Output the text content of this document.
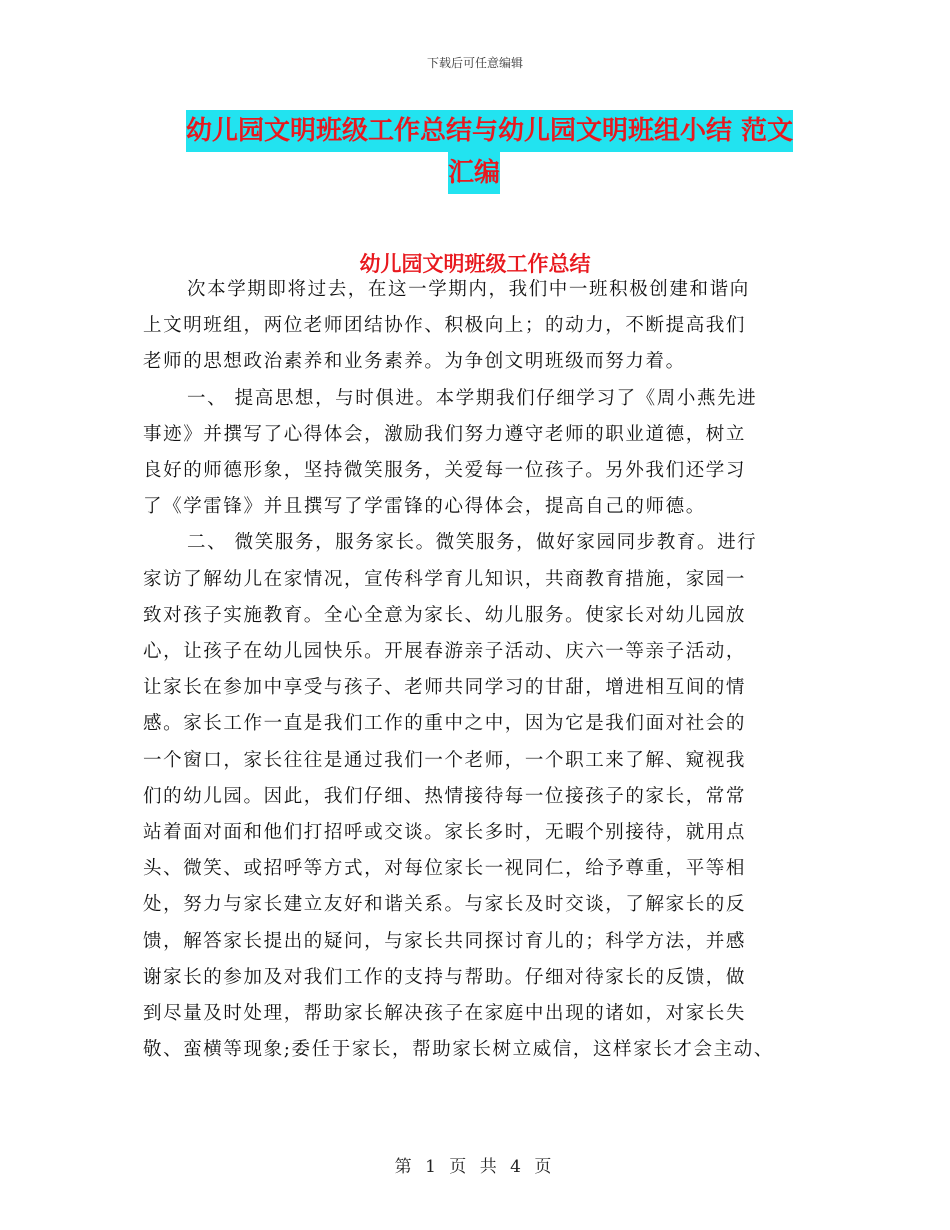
下载后可任意编辑
幼儿园文明班级工作总结与幼儿园文明班组小结 范文
汇编
幼儿园文明班级工作总结
次本学期即将过去，在这一学期内，我们中一班积极创建和谐向
上文明班组，两位老师团结协作、积极向上；的动力，不断提高我们
老师的思想政治素养和业务素养。为争创文明班级而努力着。
一、 提高思想，与时俱进。本学期我们仔细学习了《周小燕先进
事迹》并撰写了心得体会，激励我们努力遵守老师的职业道德，树立
良好的师德形象，坚持微笑服务，关爱每一位孩子。另外我们还学习
了《学雷锋》并且撰写了学雷锋的心得体会，提高自己的师德。
二、 微笑服务，服务家长。微笑服务，做好家园同步教育。进行
家访了解幼儿在家情况，宣传科学育儿知识，共商教育措施，家园一
致对孩子实施教育。全心全意为家长、幼儿服务。使家长对幼儿园放
心，让孩子在幼儿园快乐。开展春游亲子活动、庆六一等亲子活动，
让家长在参加中享受与孩子、老师共同学习的甘甜，增进相互间的情
感。家长工作一直是我们工作的重中之中，因为它是我们面对社会的
一个窗口，家长往往是通过我们一个老师，一个职工来了解、窥视我
们的幼儿园。因此，我们仔细、热情接待每一位接孩子的家长，常常
站着面对面和他们打招呼或交谈。家长多时，无暇个别接待，就用点
头、微笑、或招呼等方式，对每位家长一视同仁，给予尊重，平等相
处，努力与家长建立友好和谐关系。与家长及时交谈，了解家长的反
馈，解答家长提出的疑问，与家长共同探讨育儿的；科学方法，并感
谢家长的参加及对我们工作的支持与帮助。仔细对待家长的反馈，做
到尽量及时处理，帮助家长解决孩子在家庭中出现的诸如，对家长失
敬、蛮横等现象;委任于家长，帮助家长树立威信，这样家长才会主动、
第 1 页 共 4 页
